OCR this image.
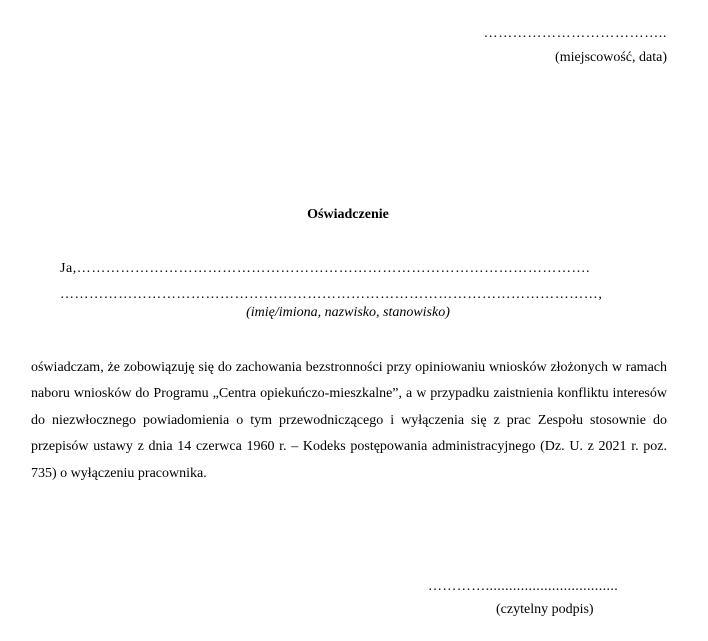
………………………………..
(miejscowość, data)
Oświadczenie
Ja,…………………………………………………………………………………………….
…………………………………………………………………………………………………,
(imię/imiona, nazwisko, stanowisko)
oświadczam, że zobowiązuję się do zachowania bezstronności przy opiniowaniu wniosków złożonych w ramach naboru wniosków do Programu „Centra opiekuńczo-mieszkalne”, a w przypadku zaistnienia konfliktu interesów do niezwłocznego powiadomienia o tym przewodniczącego i wyłączenia się z prac Zespołu stosownie do przepisów ustawy z dnia 14 czerwca 1960 r. – Kodeks postępowania administracyjnego (Dz. U. z 2021 r. poz. 735) o wyłączeniu pracownika.
…………..................................
(czytelny podpis)
